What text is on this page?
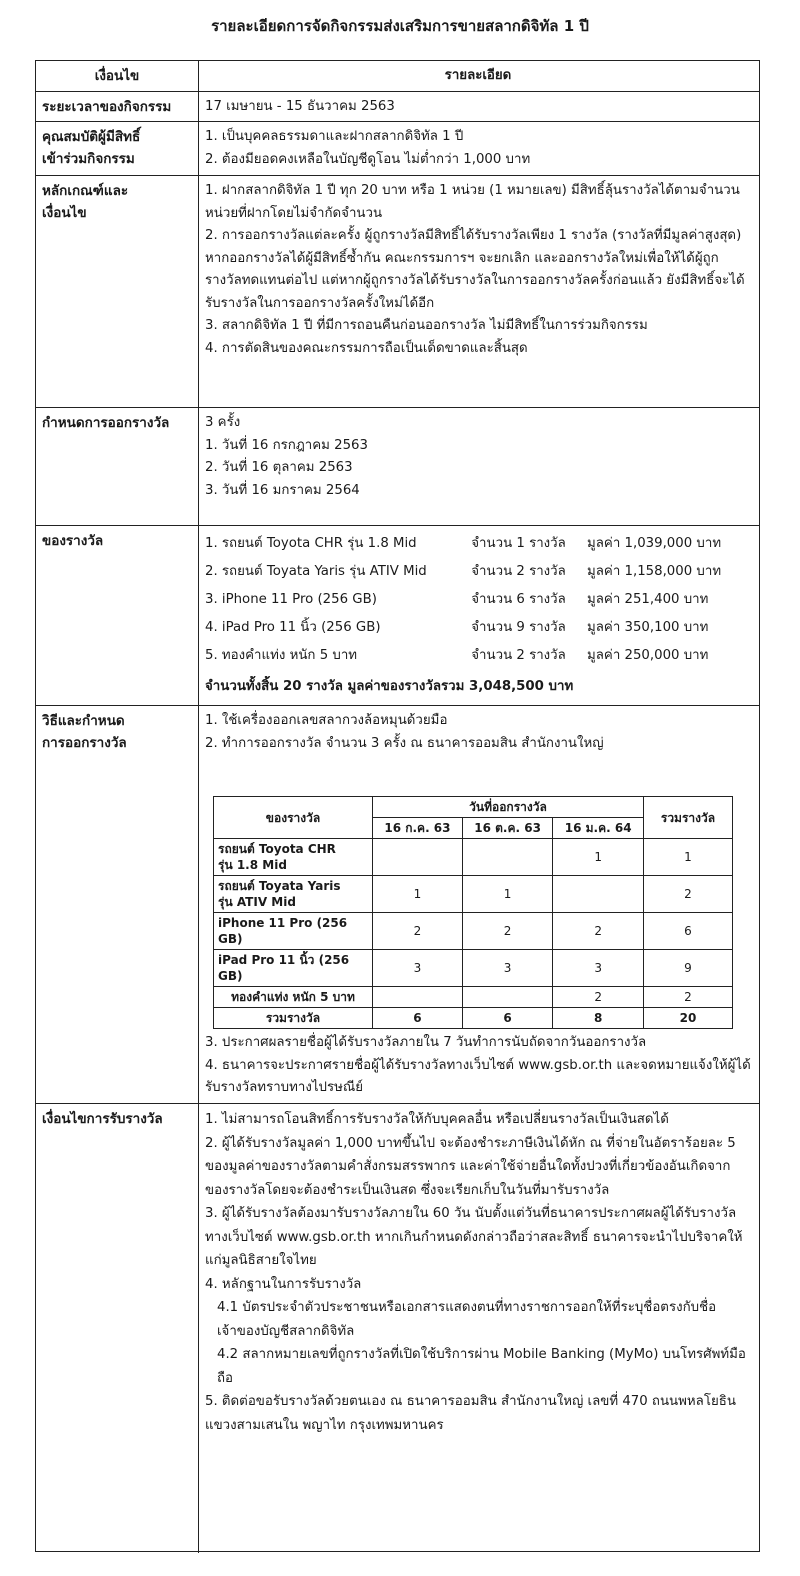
รายละเอียดการจัดกิจกรรมส่งเสริมการขายสลากดิจิทัล 1 ปี
เงื่อนไข	รายละเอียด
ระยะเวลาของกิจกรรม	17 เมษายน - 15 ธันวาคม 2563
คุณสมบัติผู้มีสิทธิ์
เข้าร่วมกิจกรรม
1. เป็นบุคคลธรรมดาและฝากสลากดิจิทัล 1 ปี
2. ต้องมียอดคงเหลือในบัญชีดูโอน ไม่ต่ำกว่า 1,000 บาท
หลักเกณฑ์และ
เงื่อนไข
1. ฝากสลากดิจิทัล 1 ปี ทุก 20 บาท หรือ 1 หน่วย (1 หมายเลข) มีสิทธิ์ลุ้นรางวัลได้ตามจำนวนหน่วยที่ฝากโดยไม่จำกัดจำนวน
2. การออกรางวัลแต่ละครั้ง ผู้ถูกรางวัลมีสิทธิ์ได้รับรางวัลเพียง 1 รางวัล (รางวัลที่มีมูลค่าสูงสุด) หากออกรางวัลได้ผู้มีสิทธิ์ซ้ำกัน คณะกรรมการฯ จะยกเลิก และออกรางวัลใหม่เพื่อให้ได้ผู้ถูกรางวัลทดแทนต่อไป แต่หากผู้ถูกรางวัลได้รับรางวัลในการออกรางวัลครั้งก่อนแล้ว ยังมีสิทธิ์จะได้รับรางวัลในการออกรางวัลครั้งใหม่ได้อีก
3. สลากดิจิทัล 1 ปี ที่มีการถอนคืนก่อนออกรางวัล ไม่มีสิทธิ์ในการร่วมกิจกรรม
4. การตัดสินของคณะกรรมการถือเป็นเด็ดขาดและสิ้นสุด
กำหนดการออกรางวัล	3 ครั้ง
1. วันที่ 16 กรกฎาคม 2563
2. วันที่ 16 ตุลาคม 2563
3. วันที่ 16 มกราคม 2564
ของรางวัล	1. รถยนต์ Toyota CHR รุ่น 1.8 Mid	จำนวน 1 รางวัล	มูลค่า 1,039,000 บาท
2. รถยนต์ Toyata Yaris รุ่น ATIV Mid	จำนวน 2 รางวัล	มูลค่า 1,158,000 บาท
3. iPhone 11 Pro (256 GB)	จำนวน 6 รางวัล	มูลค่า 251,400 บาท
4. iPad Pro 11 นิ้ว (256 GB)	จำนวน 9 รางวัล	มูลค่า 350,100 บาท
5. ทองคำแท่ง หนัก 5 บาท	จำนวน 2 รางวัล	มูลค่า 250,000 บาท
จำนวนทั้งสิ้น 20 รางวัล มูลค่าของรางวัลรวม 3,048,500 บาท
วิธีและกำหนด
การออกรางวัล
1. ใช้เครื่องออกเลขสลากวงล้อหมุนด้วยมือ
2. ทำการออกรางวัล จำนวน 3 ครั้ง ณ ธนาคารออมสิน สำนักงานใหญ่
ของรางวัล	วันที่ออกรางวัล			รวมรางวัล
	16 ก.ค. 63	16 ต.ค. 63	16 ม.ค. 64	

รถยนต์ Toyota CHR
รุ่น 1.8 Mid			1	1

รถยนต์ Toyata Yaris
รุ่น ATIV Mid	1	1		2
iPhone 11 Pro (256 GB)	2	2	2	6
iPad Pro 11 นิ้ว (256 GB)	3	3	3	9
ทองคำแท่ง หนัก 5 บาท			2	2
รวมรางวัล	6	6	8	20
3. ประกาศผลรายชื่อผู้ได้รับรางวัลภายใน 7 วันทำการนับถัดจากวันออกรางวัล
4. ธนาคารจะประกาศรายชื่อผู้ได้รับรางวัลทางเว็บไซต์ www.gsb.or.th และจดหมายแจ้งให้ผู้ได้รับรางวัลทราบทางไปรษณีย์
เงื่อนไขการรับรางวัล	1. ไม่สามารถโอนสิทธิ์การรับรางวัลให้กับบุคคลอื่น หรือเปลี่ยนรางวัลเป็นเงินสดได้
2. ผู้ได้รับรางวัลมูลค่า 1,000 บาทขึ้นไป จะต้องชำระภาษีเงินได้หัก ณ ที่จ่ายในอัตราร้อยละ 5 ของมูลค่าของรางวัลตามคำสั่งกรมสรรพากร และค่าใช้จ่ายอื่นใดทั้งปวงที่เกี่ยวข้องอันเกิดจากของรางวัลโดยจะต้องชำระเป็นเงินสด ซึ่งจะเรียกเก็บในวันที่มารับรางวัล
3. ผู้ได้รับรางวัลต้องมารับรางวัลภายใน 60 วัน นับตั้งแต่วันที่ธนาคารประกาศผลผู้ได้รับรางวัลทางเว็บไซต์ www.gsb.or.th หากเกินกำหนดดังกล่าวถือว่าสละสิทธิ์ ธนาคารจะนำไปบริจาคให้แก่มูลนิธิสายใจไทย
4. หลักฐานในการรับรางวัล
4.1 บัตรประจำตัวประชาชนหรือเอกสารแสดงตนที่ทางราชการออกให้ที่ระบุชื่อตรงกับชื่อเจ้าของบัญชีสลากดิจิทัล
4.2 สลากหมายเลขที่ถูกรางวัลที่เปิดใช้บริการผ่าน Mobile Banking (MyMo) บนโทรศัพท์มือถือ
5. ติดต่อขอรับรางวัลด้วยตนเอง ณ ธนาคารออมสิน สำนักงานใหญ่ เลขที่ 470 ถนนพหลโยธิน แขวงสามเสนใน พญาไท กรุงเทพมหานคร
